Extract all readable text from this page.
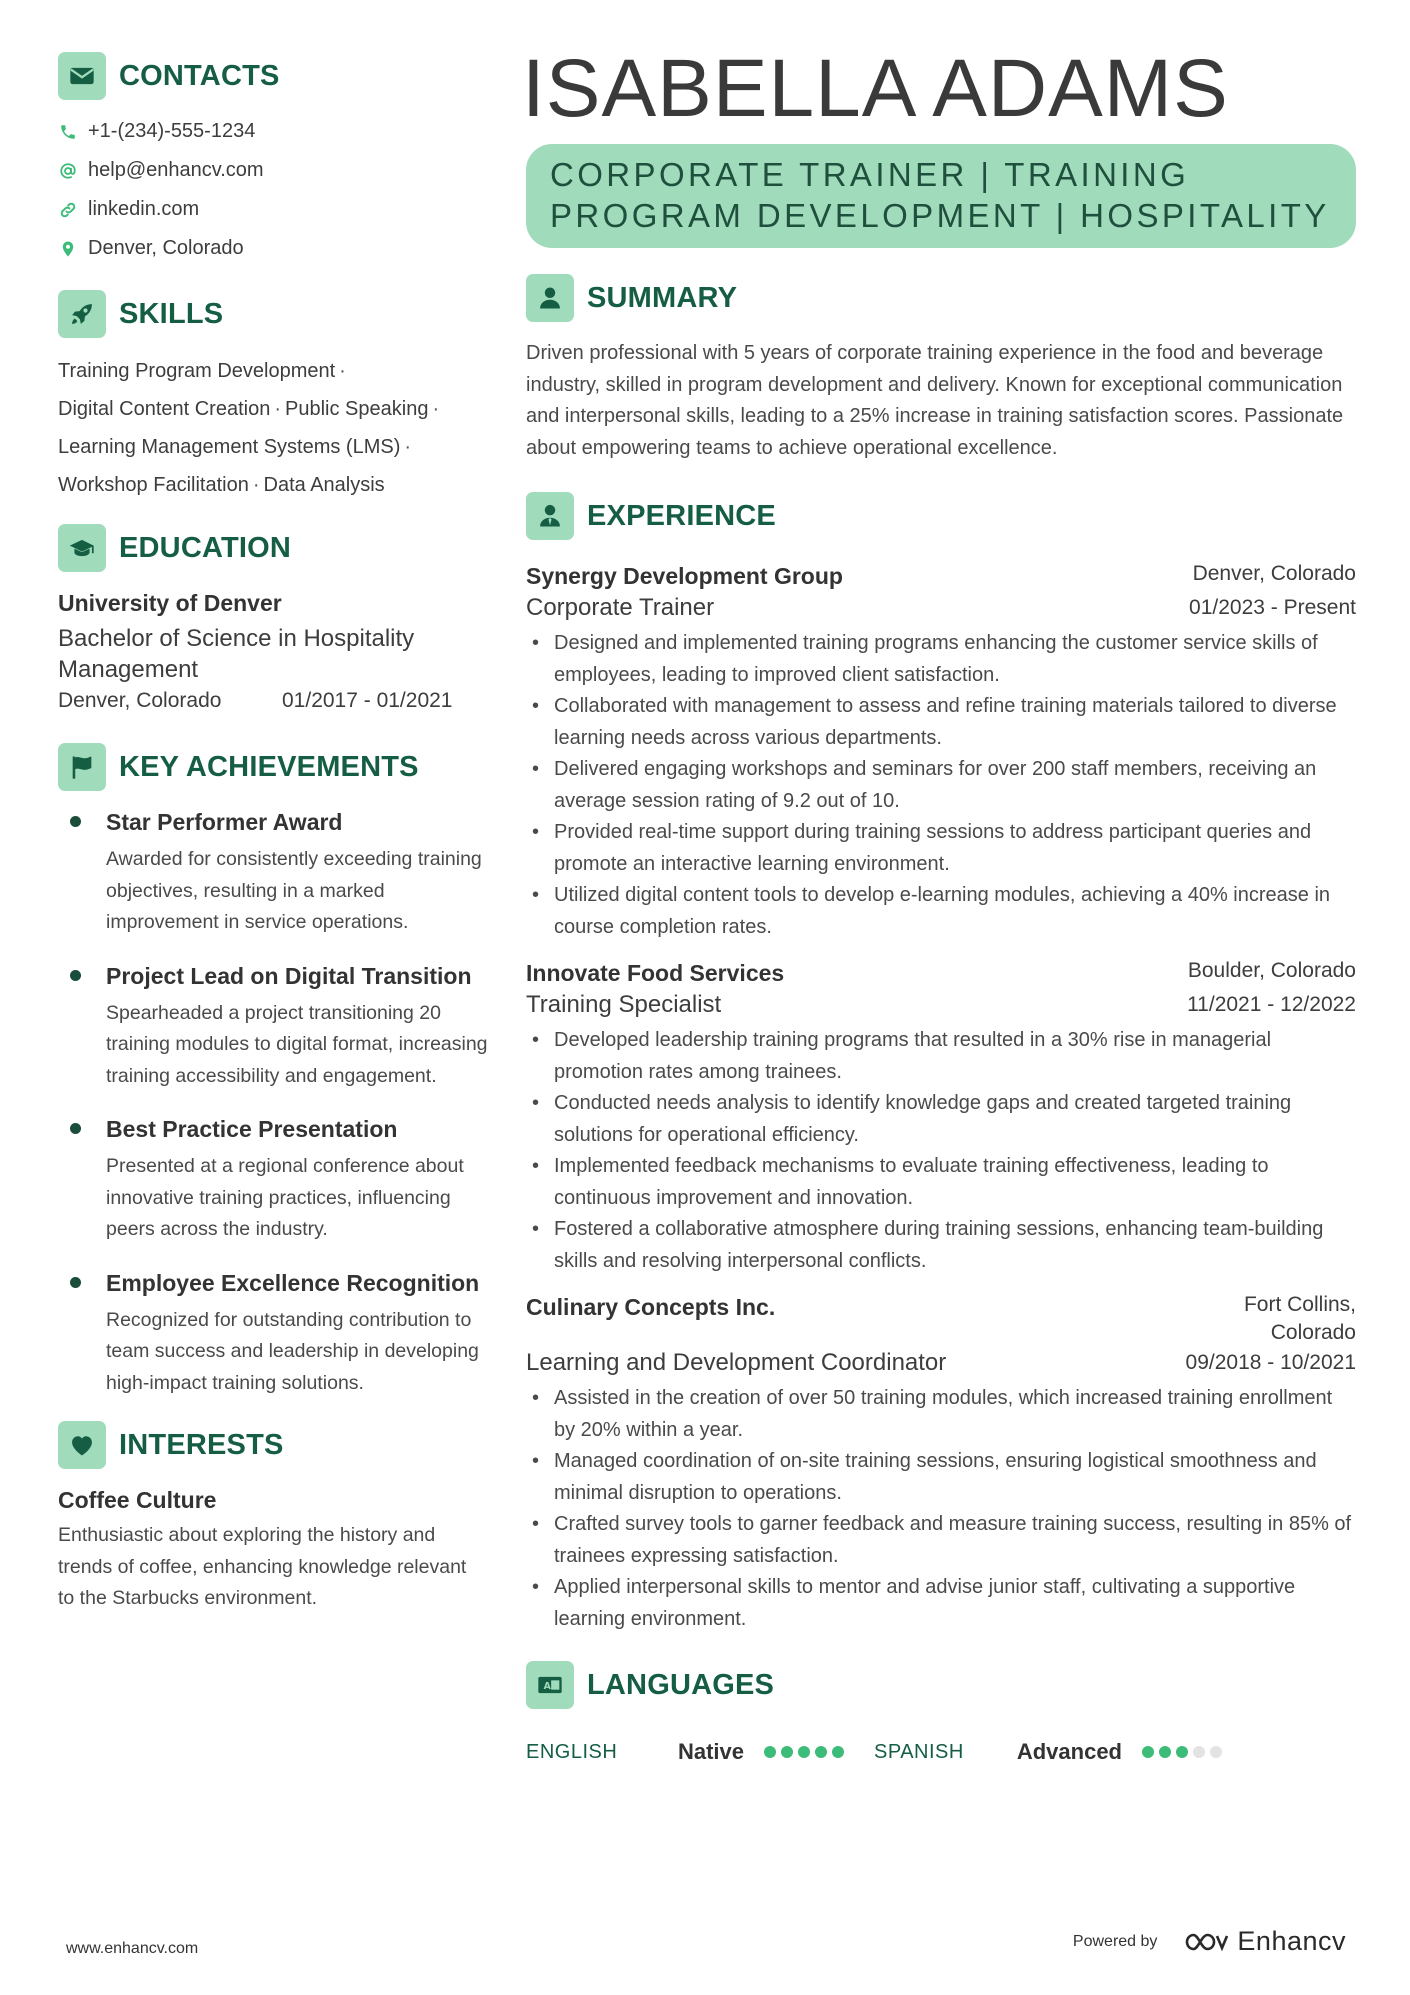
CONTACTS
+1-(234)-555-1234
help@enhancv.com
linkedin.com
Denver, Colorado
SKILLS
Training Program Development ·
Digital Content Creation · Public Speaking ·
Learning Management Systems (LMS) ·
Workshop Facilitation · Data Analysis
EDUCATION
University of Denver
Bachelor of Science in Hospitality Management
Denver, Colorado	01/2017 - 01/2021
KEY ACHIEVEMENTS
Star Performer Award
Awarded for consistently exceeding training objectives, resulting in a marked improvement in service operations.
Project Lead on Digital Transition
Spearheaded a project transitioning 20 training modules to digital format, increasing training accessibility and engagement.
Best Practice Presentation
Presented at a regional conference about innovative training practices, influencing peers across the industry.
Employee Excellence Recognition
Recognized for outstanding contribution to team success and leadership in developing high-impact training solutions.
INTERESTS
Coffee Culture
Enthusiastic about exploring the history and trends of coffee, enhancing knowledge relevant to the Starbucks environment.
ISABELLA ADAMS
CORPORATE TRAINER | TRAINING
PROGRAM DEVELOPMENT | HOSPITALITY
SUMMARY
Driven professional with 5 years of corporate training experience in the food and beverage industry, skilled in program development and delivery. Known for exceptional communication and interpersonal skills, leading to a 25% increase in training satisfaction scores. Passionate about empowering teams to achieve operational excellence.
EXPERIENCE
Synergy Development Group	Denver, Colorado
Corporate Trainer	01/2023 - Present
• Designed and implemented training programs enhancing the customer service skills of employees, leading to improved client satisfaction.
• Collaborated with management to assess and refine training materials tailored to diverse learning needs across various departments.
• Delivered engaging workshops and seminars for over 200 staff members, receiving an average session rating of 9.2 out of 10.
• Provided real-time support during training sessions to address participant queries and promote an interactive learning environment.
• Utilized digital content tools to develop e-learning modules, achieving a 40% increase in course completion rates.
Innovate Food Services	Boulder, Colorado
Training Specialist	11/2021 - 12/2022
• Developed leadership training programs that resulted in a 30% rise in managerial promotion rates among trainees.
• Conducted needs analysis to identify knowledge gaps and created targeted training solutions for operational efficiency.
• Implemented feedback mechanisms to evaluate training effectiveness, leading to continuous improvement and innovation.
• Fostered a collaborative atmosphere during training sessions, enhancing team-building skills and resolving interpersonal conflicts.
Culinary Concepts Inc.	Fort Collins, Colorado
Learning and Development Coordinator	09/2018 - 10/2021
• Assisted in the creation of over 50 training modules, which increased training enrollment by 20% within a year.
• Managed coordination of on-site training sessions, ensuring logistical smoothness and minimal disruption to operations.
• Crafted survey tools to garner feedback and measure training success, resulting in 85% of trainees expressing satisfaction.
• Applied interpersonal skills to mentor and advise junior staff, cultivating a supportive learning environment.
A LANGUAGES
ENGLISH	Native	SPANISH	Advanced
www.enhancv.com	Powered by	Enhancv
